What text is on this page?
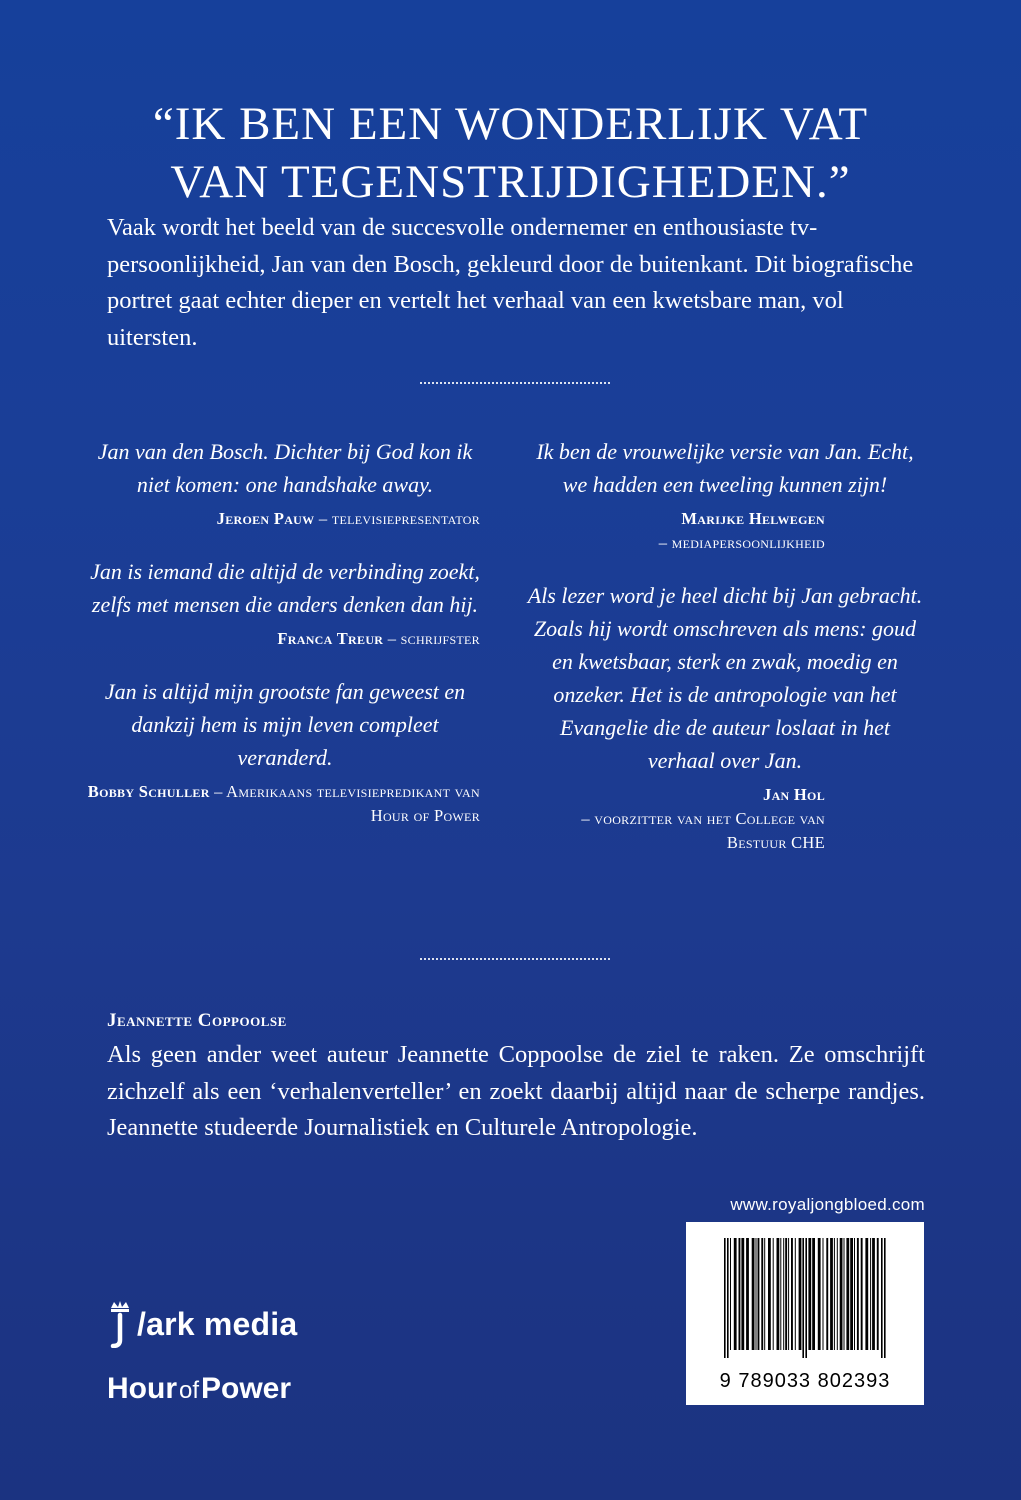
“IK BEN EEN WONDERLIJK VAT
VAN TEGENSTRIJDIGHEDEN.”
Vaak wordt het beeld van de succesvolle ondernemer en enthousiaste tv-persoonlijkheid, Jan van den Bosch, gekleurd door de buitenkant. Dit biografische portret gaat echter dieper en vertelt het verhaal van een kwetsbare man, vol uitersten.
Jan van den Bosch. Dichter bij God kon ik niet komen: one handshake away.
Jeroen Pauw – televisiepresentator
Jan is iemand die altijd de verbinding zoekt, zelfs met mensen die anders denken dan hij.
Franca Treur – schrijfster
Jan is altijd mijn grootste fan geweest en dankzij hem is mijn leven compleet veranderd.
Bobby Schuller – Amerikaans televisiepredikant van Hour of Power
Ik ben de vrouwelijke versie van Jan. Echt, we hadden een tweeling kunnen zijn!
Marijke Helwegen
– mediapersoonlijkheid
Als lezer word je heel dicht bij Jan gebracht. Zoals hij wordt omschreven als mens: goud en kwetsbaar, sterk en zwak, moedig en onzeker. Het is de antropologie van het Evangelie die de auteur loslaat in het verhaal over Jan.
Jan Hol
– voorzitter van het College van Bestuur CHE
Jeannette Coppoolse
Als geen ander weet auteur Jeannette Coppoolse de ziel te raken. Ze omschrijft zichzelf als een ‘verhalenverteller’ en zoekt daarbij altijd naar de scherpe randjes. Jeannette studeerde Journalistiek en Culturele Antropologie.
www.royaljongbloed.com
9 789033 802393
/ark media
HourofPower
